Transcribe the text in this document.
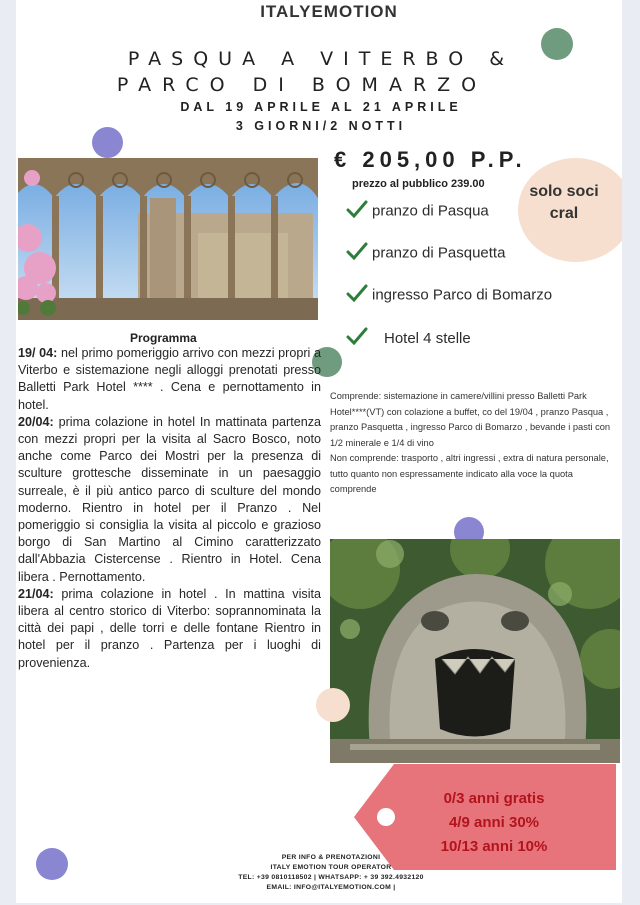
ITALYEMOTION
PASQUA A VITERBO &
PARCO DI BOMARZO
DAL 19 APRILE AL 21 APRILE
3 GIORNI/2 NOTTI
€ 205,00 P.P.
prezzo al pubblico 239.00	solo soci
cral
pranzo di Pasqua
pranzo di Pasquetta
ingresso Parco di Bomarzo
Hotel 4 stelle
Comprende: sistemazione in camere/villini presso Balletti Park Hotel****(VT) con colazione a buffet, co del 19/04 , pranzo Pasqua , pranzo Pasquetta , ingresso Parco di Bomarzo , bevande i pasti con 1/2 minerale e 1/4 di vino
Non comprende: trasporto , altri ingressi , extra di natura personale, tutto quanto non espressamente indicato alla voce la quota comprende
Programma

19/ 04: nel primo pomeriggio arrivo con mezzi propri a Viterbo e sistemazione negli alloggi prenotati presso Balletti Park Hotel **** . Cena e pernottamento in hotel.

20/04: prima colazione in hotel In mattinata partenza con mezzi propri per la visita al Sacro Bosco, noto anche come Parco dei Mostri per la presenza di sculture grottesche disseminate in un paesaggio surreale, è il più antico parco di sculture del mondo moderno. Rientro in hotel per il Pranzo . Nel pomeriggio si consiglia la visita al piccolo e grazioso borgo di San Martino al Cimino caratterizzato dall'Abbazia Cistercense . Rientro in Hotel. Cena libera . Pernottamento.

21/04: prima colazione in hotel . In mattina visita libera al centro storico di Viterbo: soprannominata la città dei papi , delle torri e delle fontane Rientro in hotel per il pranzo . Partenza per i luoghi di provenienza.

0/3 anni gratis
4/9 anni 30%
10/13 anni 10%
PER INFO & PRENOTAZIONI
ITALY EMOTION TOUR OPERATOR
TEL: +39 0810118502 | WHATSAPP: + 39 392.4932120
EMAIL: INFO@ITALYEMOTION.COM |
